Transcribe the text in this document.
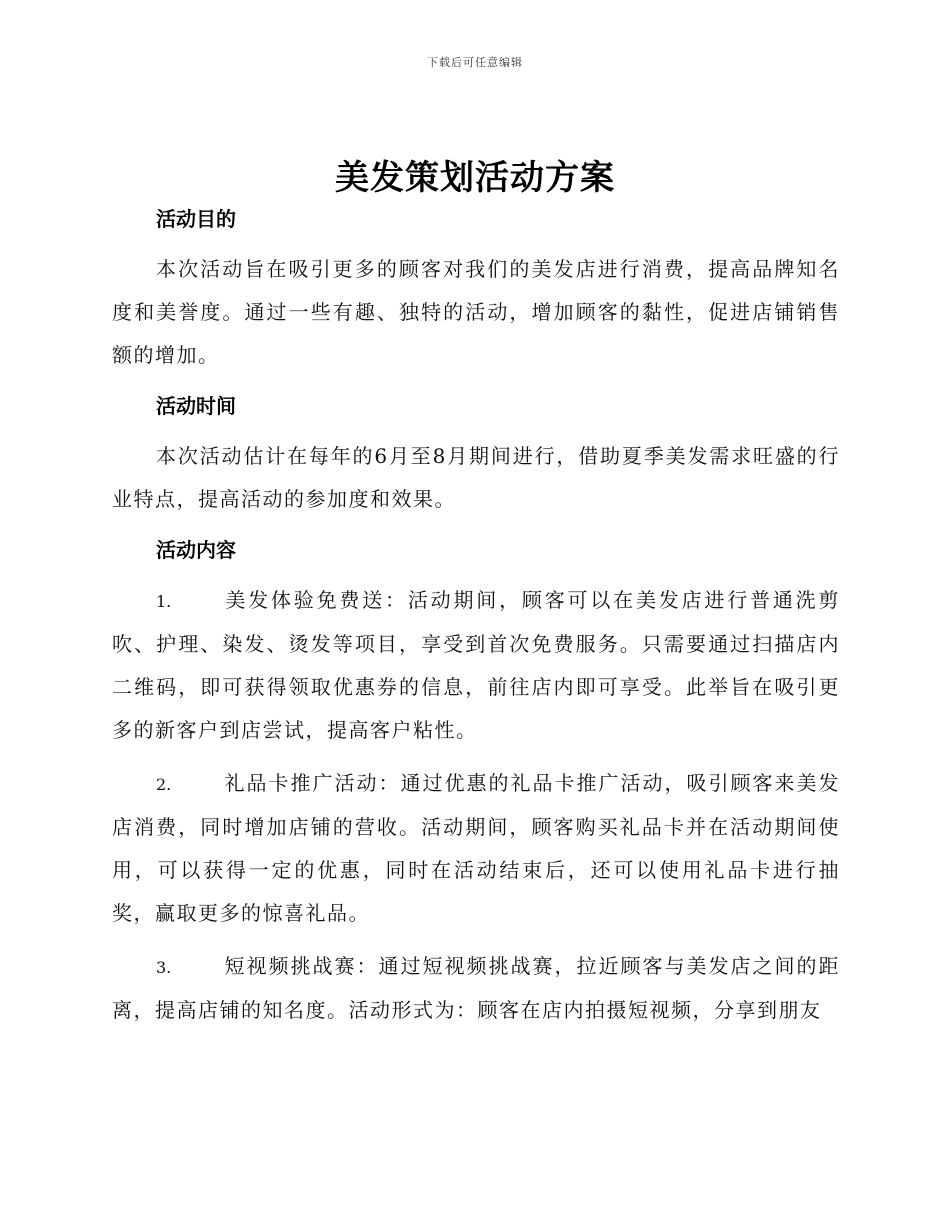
下载后可任意编辑
美发策划活动方案

活动目的

本次活动旨在吸引更多的顾客对我们的美发店进行消费，提高品牌知名度和美誉度。通过一些有趣、独特的活动，增加顾客的黏性，促进店铺销售额的增加。

活动时间

本次活动估计在每年的6月至8月期间进行，借助夏季美发需求旺盛的行业特点，提高活动的参加度和效果。

活动内容

1.	美发体验免费送：活动期间，顾客可以在美发店进行普通洗剪吹、护理、染发、烫发等项目，享受到首次免费服务。只需要通过扫描店内二维码，即可获得领取优惠券的信息，前往店内即可享受。此举旨在吸引更多的新客户到店尝试，提高客户粘性。

2.	礼品卡推广活动：通过优惠的礼品卡推广活动，吸引顾客来美发店消费，同时增加店铺的营收。活动期间，顾客购买礼品卡并在活动期间使用，可以获得一定的优惠，同时在活动结束后，还可以使用礼品卡进行抽奖，赢取更多的惊喜礼品。

3.	短视频挑战赛：通过短视频挑战赛，拉近顾客与美发店之间的距离，提高店铺的知名度。活动形式为：顾客在店内拍摄短视频，分享到朋友
